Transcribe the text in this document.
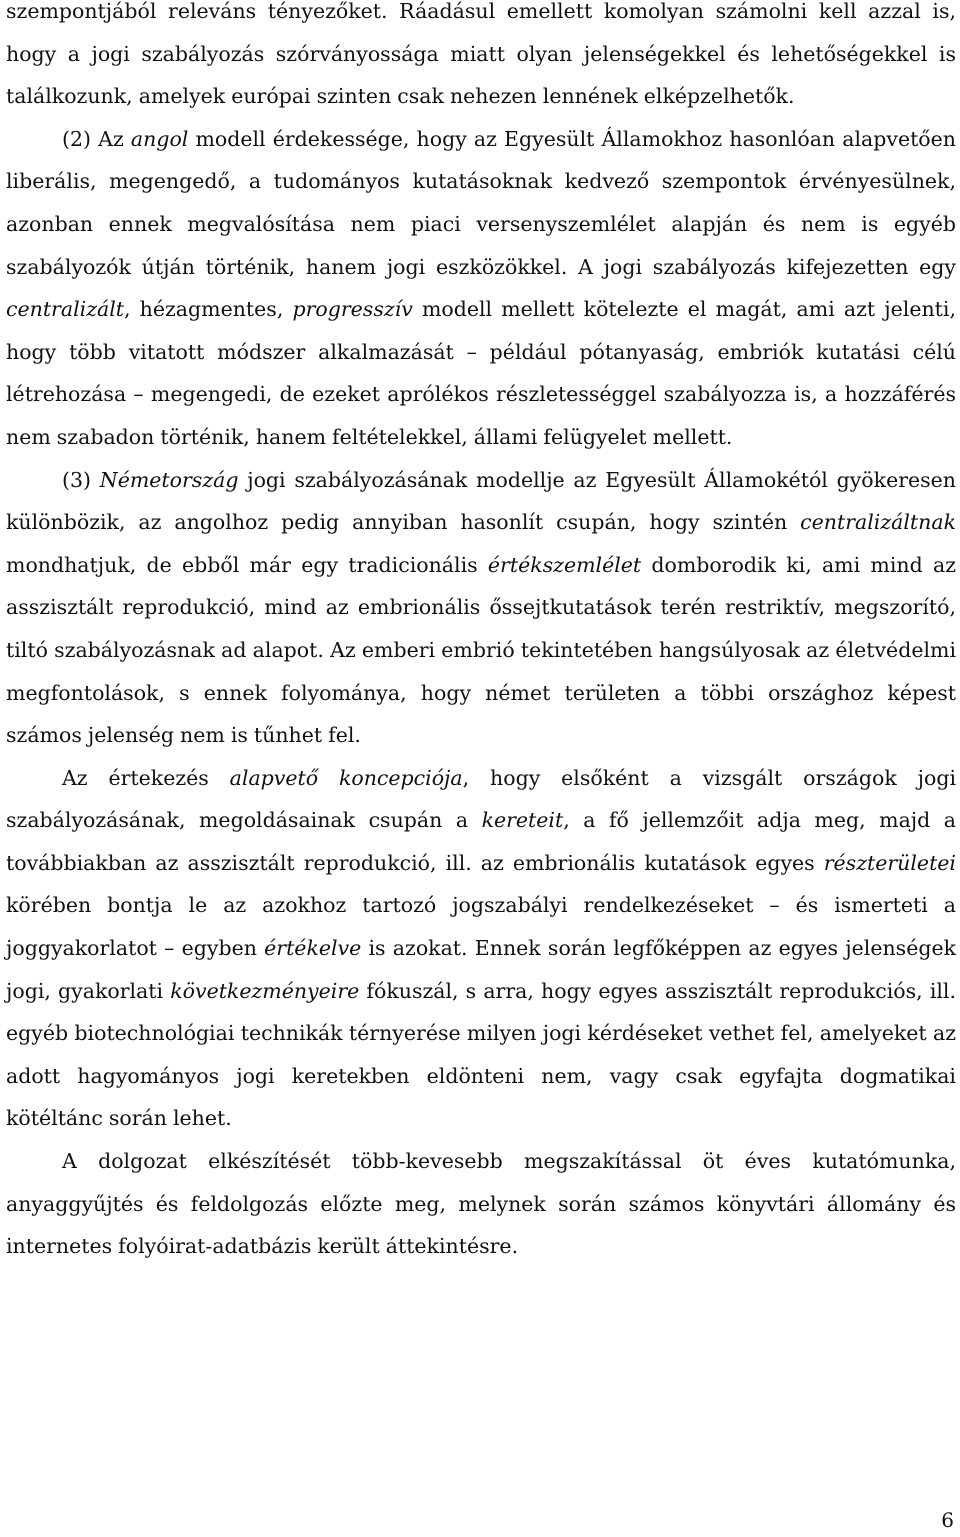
szempontjából releváns tényezőket. Ráadásul emellett komolyan számolni kell azzal is, hogy a jogi szabályozás szórványossága miatt olyan jelenségekkel és lehetőségekkel is találkozunk, amelyek európai szinten csak nehezen lennének elképzelhetők.

(2) Az angol modell érdekessége, hogy az Egyesült Államokhoz hasonlóan alapvetően liberális, megengedő, a tudományos kutatásoknak kedvező szempontok érvényesülnek, azonban ennek megvalósítása nem piaci versenyszemlélet alapján és nem is egyéb szabályozók útján történik, hanem jogi eszközökkel. A jogi szabályozás kifejezetten egy centralizált, hézagmentes, progresszív modell mellett kötelezte el magát, ami azt jelenti, hogy több vitatott módszer alkalmazását – például pótanyaság, embriók kutatási célú létrehozása – megengedi, de ezeket aprólékos részletességgel szabályozza is, a hozzáférés nem szabadon történik, hanem feltételekkel, állami felügyelet mellett.

(3) Németország jogi szabályozásának modellje az Egyesült Államokétól gyökeresen különbözik, az angolhoz pedig annyiban hasonlít csupán, hogy szintén centralizáltnak mondhatjuk, de ebből már egy tradicionális értékszemlélet domborodik ki, ami mind az asszisztált reprodukció, mind az embrionális őssejtkutatások terén restriktív, megszorító, tiltó szabályozásnak ad alapot. Az emberi embrió tekintetében hangsúlyosak az életvédelmi megfontolások, s ennek folyománya, hogy német területen a többi országhoz képest számos jelenség nem is tűnhet fel.

Az értekezés alapvető koncepciója, hogy elsőként a vizsgált országok jogi szabályozásának, megoldásainak csupán a kereteit, a fő jellemzőit adja meg, majd a továbbiakban az asszisztált reprodukció, ill. az embrionális kutatások egyes részterületei körében bontja le az azokhoz tartozó jogszabályi rendelkezéseket – és ismerteti a joggyakorlatot – egyben értékelve is azokat. Ennek során legfőképpen az egyes jelenségek jogi, gyakorlati következményeire fókuszál, s arra, hogy egyes asszisztált reprodukciós, ill. egyéb biotechnológiai technikák térnyerése milyen jogi kérdéseket vethet fel, amelyeket az adott hagyományos jogi keretekben eldönteni nem, vagy csak egyfajta dogmatikai kötéltánc során lehet.

A dolgozat elkészítését több-kevesebb megszakítással öt éves kutatómunka, anyaggyűjtés és feldolgozás előzte meg, melynek során számos könyvtári állomány és internetes folyóirat-adatbázis került áttekintésre.

6
